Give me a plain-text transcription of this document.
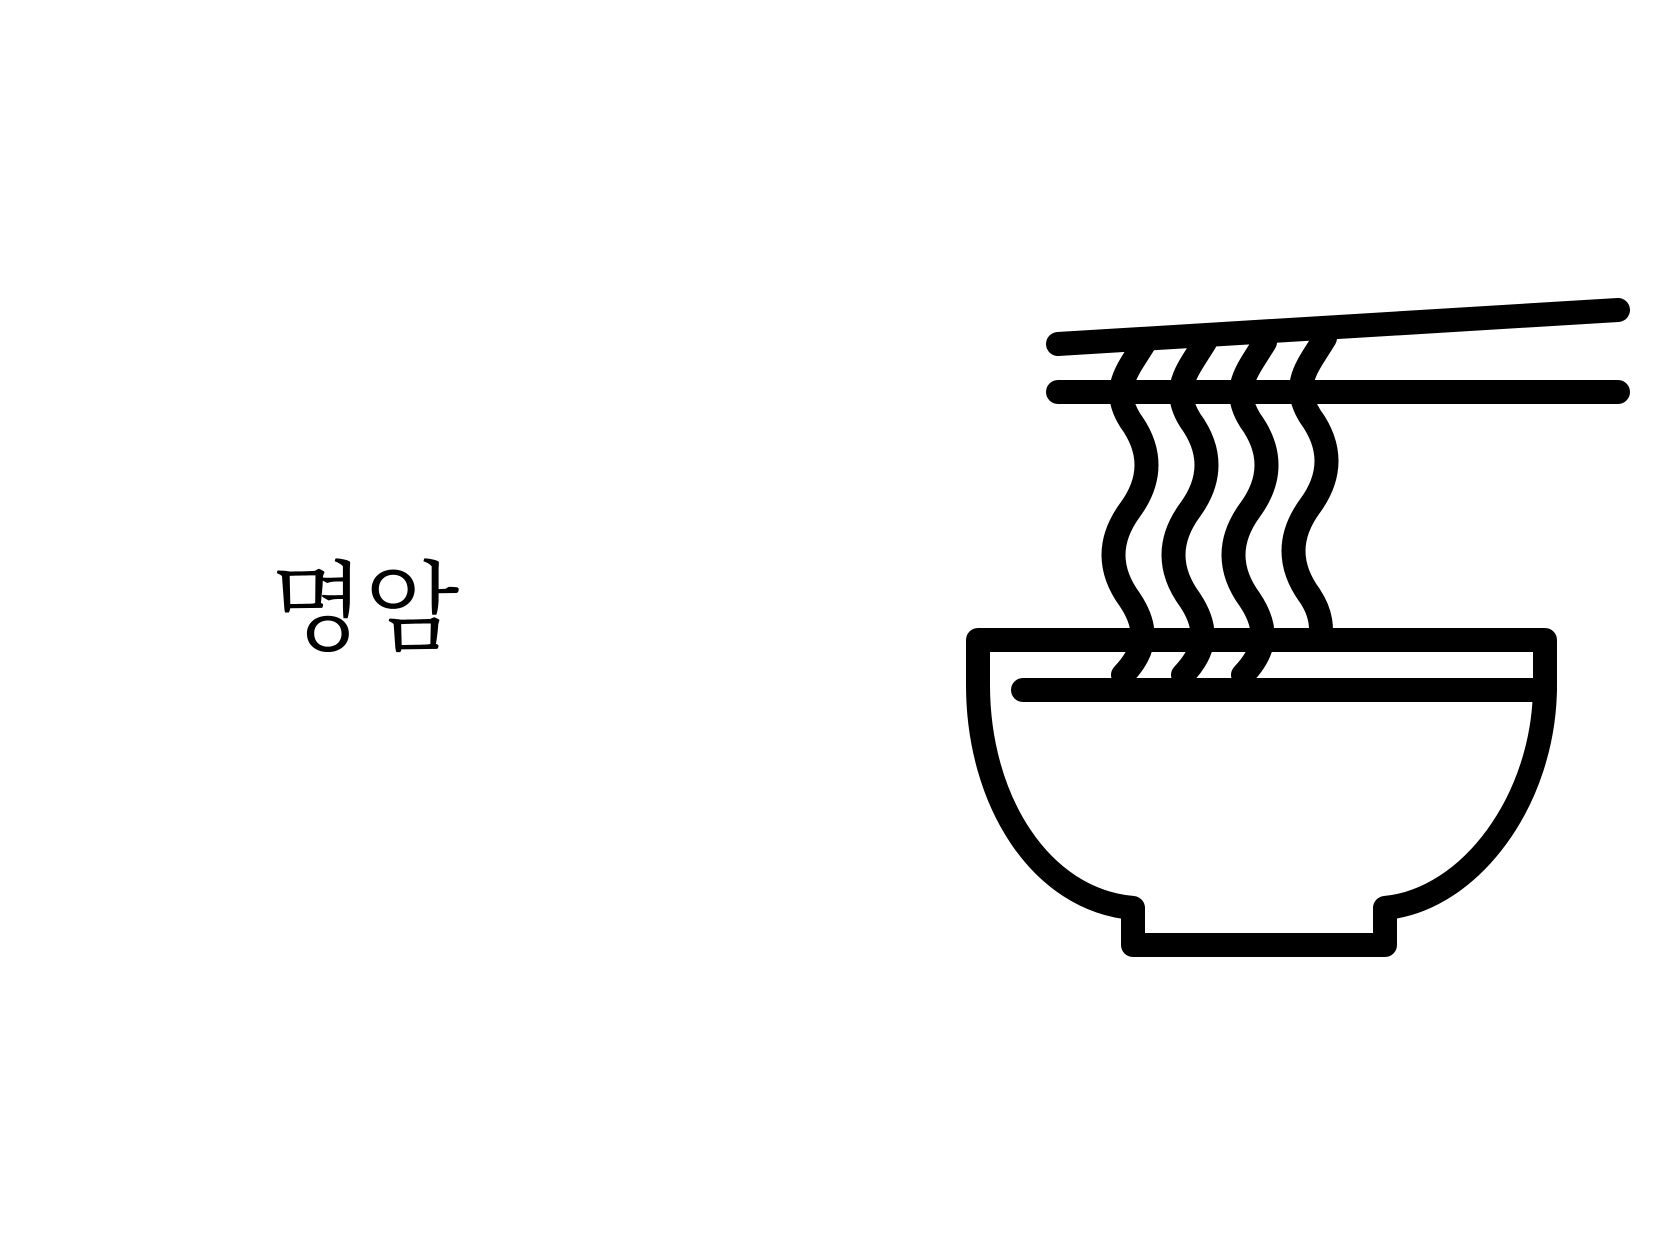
명암
